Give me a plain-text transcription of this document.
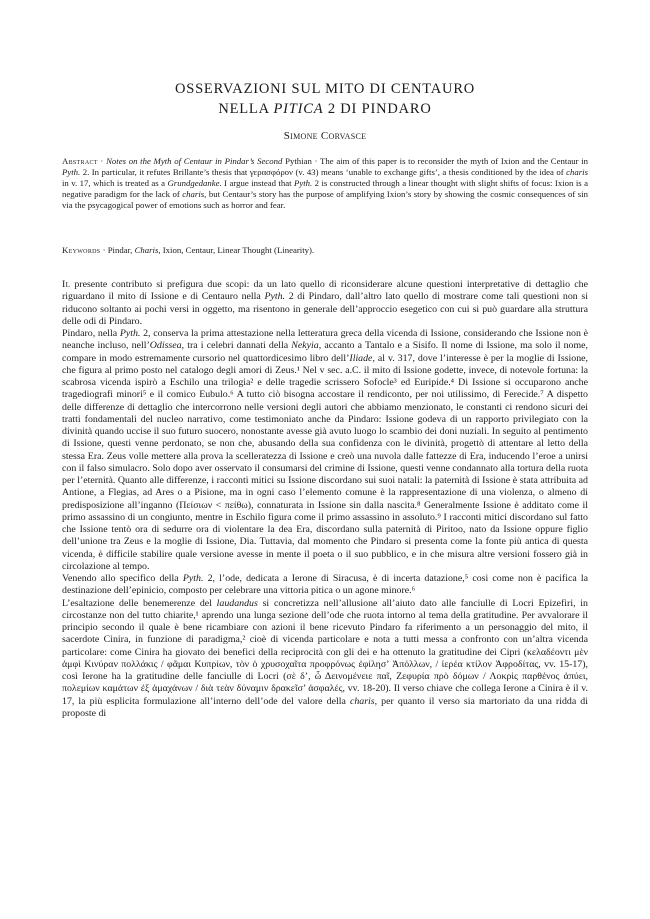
OSSERVAZIONI SUL MITO DI CENTAURO
NELLA PITICA 2 DI PINDARO
Simone Corvasce
Abstract · Notes on the Myth of Centaur in Pindar’s Second Pythian · The aim of this paper is to reconsider the myth of Ixion and the Centaur in Pyth. 2. In particular, it refutes Brillante’s thesis that γερασφόρον (v. 43) means ‘unable to exchange gifts’, a thesis conditioned by the idea of charis in v. 17, which is treated as a Grundgedanke. I argue instead that Pyth. 2 is constructed through a linear thought with slight shifts of focus: Ixion is a negative paradigm for the lack of charis, but Centaur’s story has the purpose of amplifying Ixion’s story by showing the cosmic consequences of sin via the psycagogical power of emotions such as horror and fear.
Keywords · Pindar, Charis, Ixion, Centaur, Linear Thought (Linearity).

Il presente contributo si prefigura due scopi: da un lato quello di riconsiderare alcune questioni interpretative di dettaglio che riguardano il mito di Issione e di Centauro nella Pyth. 2 di Pindaro, dall’altro lato quello di mostrare come tali questioni non si riducono soltanto ai pochi versi in oggetto, ma risentono in generale dell’approccio esegetico con cui si può guardare alla struttura delle odi di Pindaro.

Pindaro, nella Pyth. 2, conserva la prima attestazione nella letteratura greca della vicenda di Issione, considerando che Issione non è neanche incluso, nell’Odissea, tra i celebri dannati della Nekyia, accanto a Tantalo e a Sisifo. Il nome di Issione, ma solo il nome, compare in modo estremamente cursorio nel quattordicesimo libro dell’Iliade, al v. 317, dove l’interesse è per la moglie di Issione, che figura al primo posto nel catalogo degli amori di Zeus.¹ Nel v sec. a.C. il mito di Issione godette, invece, di notevole fortuna: la scabrosa vicenda ispirò a Eschilo una trilogia² e delle tragedie scrissero Sofocle³ ed Euripide.⁴ Di Issione si occuparono anche tragediografi minori⁵ e il comico Eubulo.⁶ A tutto ciò bisogna accostare il rendiconto, per noi utilissimo, di Ferecide.⁷ A dispetto delle differenze di dettaglio che intercorrono nelle versioni degli autori che abbiamo menzionato, le constanti ci rendono sicuri dei tratti fondamentali del nucleo narrativo, come testimoniato anche da Pindaro: Issione godeva di un rapporto privilegiato con la divinità quando uccise il suo futuro suocero, nonostante avesse già avuto luogo lo scambio dei doni nuziali. In seguito al pentimento di Issione, questi venne perdonato, se non che, abusando della sua confidenza con le divinità, progettò di attentare al letto della stessa Era. Zeus volle mettere alla prova la scelleratezza di Issione e creò una nuvola dalle fattezze di Era, inducendo l’eroe a unirsi con il falso simulacro. Solo dopo aver osservato il consumarsi del crimine di Issione, questi venne condannato alla tortura della ruota per l’eternità. Quanto alle differenze, i racconti mitici su Issione discordano sui suoi natali: la paternità di Issione è stata attribuita ad Antione, a Flegias, ad Ares o a Pisione, ma in ogni caso l’elemento comune è la rappresentazione di una violenza, o almeno di predisposizione all’inganno (Πείσιων < πείθω), connaturata in Issione sin dalla nascita.⁸ Generalmente Issione è additato come il primo assassino di un congiunto, mentre in Eschilo figura come il primo assassino in assoluto.⁹ I racconti mitici discordano sul fatto che Issione tentò ora di sedurre ora di violentare la dea Era, discordano sulla paternità di Piritoo, nato da Issione oppure figlio dell’unione tra Zeus e la moglie di Issione, Dia. Tuttavia, dal momento che Pindaro si presenta come la fonte più antica di questa vicenda, è difficile stabilire quale versione avesse in mente il poeta o il suo pubblico, e in che misura altre versioni fossero già in circolazione al tempo.

Venendo allo specifico della Pyth. 2, l’ode, dedicata a Ierone di Siracusa, è di incerta datazione,⁵ così come non è pacifica la destinazione dell’epinicio, composto per celebrare una vittoria pitica o un agone minore.⁶

L’esaltazione delle benemerenze del laudandus si concretizza nell’allusione all’aiuto dato alle fanciulle di Locri Epizefiri, in circostanze non del tutto chiarite,¹ aprendo una lunga sezione dell’ode che ruota intorno al tema della gratitudine. Per avvalorare il principio secondo il quale è bene ricambiare con azioni il bene ricevuto Pindaro fa riferimento a un personaggio del mito, il sacerdote Cinira, in funzione di paradigma,² cioè di vicenda particolare e nota a tutti messa a confronto con un’altra vicenda particolare: come Cinira ha giovato dei benefici della reciprocità con gli dei e ha ottenuto la gratitudine dei Cipri (κελαδέοντι μὲν ἀμφὶ Κινύραν πολλάκις / φᾶμαι Κυπρίων, τὸν ὁ χρυσοχαῖτα προφρόνως ἐφίλησ’ Ἀπόλλων, / ἱερέα κτίλον Ἀφροδίτας, vv. 15-17), così Ierone ha la gratitudine delle fanciulle di Locri (σὲ δ’, ὦ Δεινομένειε παῖ, Ζεφυρία πρὸ δόμων / Λοκρὶς παρθένος ἀπύει, πολεμίων καμάτων ἐξ ἀμαχάνων / διὰ τεὰν δύναμιν δρακεῖσ’ ἀσφαλές, vv. 18-20). Il verso chiave che collega Ierone a Cinira è il v. 17, la più esplicita formulazione all’interno dell’ode del valore della charis, per quanto il verso sia martoriato da una ridda di proposte di
